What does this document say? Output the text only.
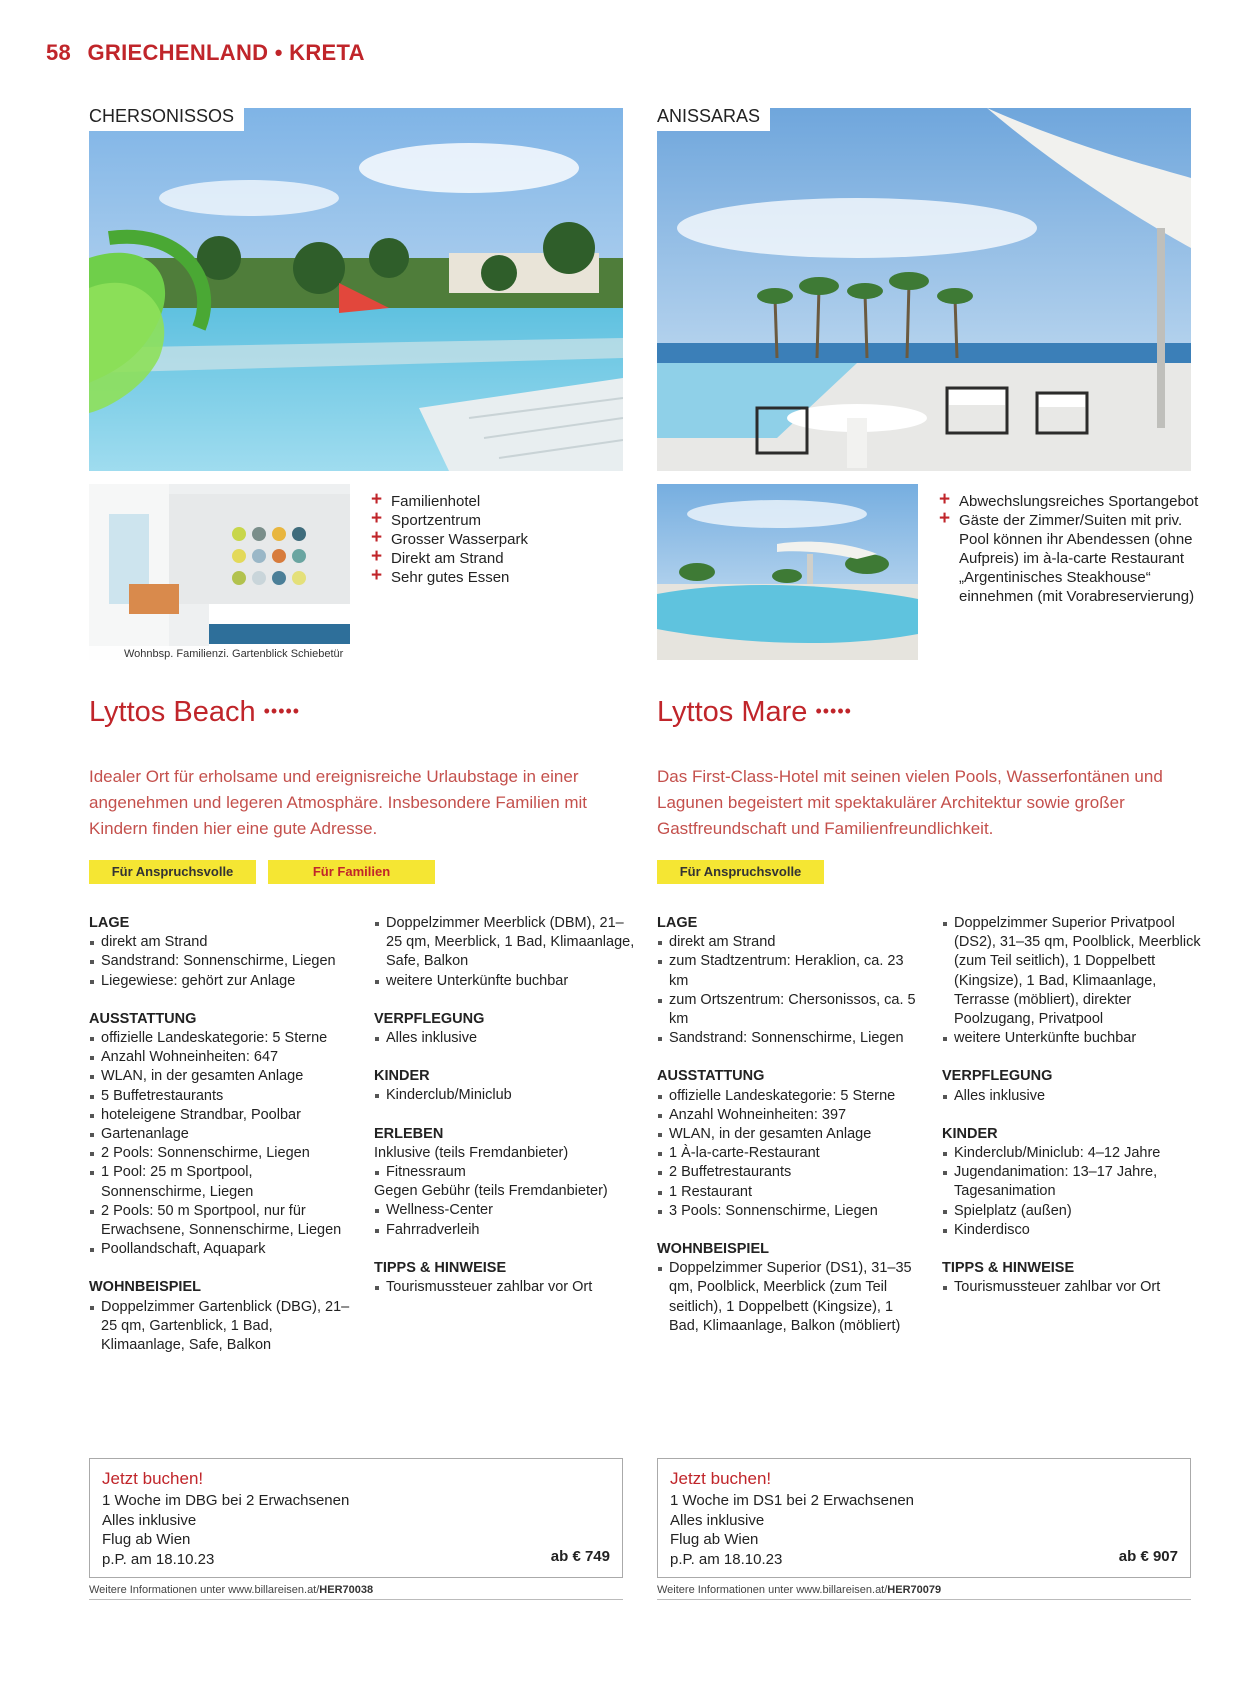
58 GRIECHENLAND • KRETA
CHERSONISSOS
Wohnbsp. Familienzi. Gartenblick Schiebetür
+ Familienhotel
+ Sportzentrum
+ Grosser Wasserpark
+ Direkt am Strand
+ Sehr gutes Essen
Lyttos Beach •••••

Idealer Ort für erholsame und ereignisreiche Urlaubstage in einer angenehmen und legeren Atmosphäre. Insbesondere Familien mit Kindern finden hier eine gute Adresse.

Für Anspruchsvolle	Für Familien
LAGE
direkt am Strand
Sandstrand: Sonnenschirme, Liegen
Liegewiese: gehört zur Anlage
AUSSTATTUNG
offizielle Landeskategorie: 5 Sterne
Anzahl Wohneinheiten: 647
WLAN, in der gesamten Anlage
5 Buffetrestaurants
hoteleigene Strandbar, Poolbar
Gartenanlage
2 Pools: Sonnenschirme, Liegen
1 Pool: 25 m Sportpool, Sonnenschirme, Liegen
2 Pools: 50 m Sportpool, nur für Erwachsene, Sonnenschirme, Liegen
Poollandschaft, Aquapark
WOHNBEISPIEL
Doppelzimmer Gartenblick (DBG), 21–25 qm, Gartenblick, 1 Bad, Klimaanlage, Safe, Balkon
Doppelzimmer Meerblick (DBM), 21–25 qm, Meerblick, 1 Bad, Klimaanlage, Safe, Balkon
weitere Unterkünfte buchbar
VERPFLEGUNG
Alles inklusive
KINDER
Kinderclub/Miniclub
ERLEBEN

Inklusive (teils Fremdanbieter)

Fitnessraum

Gegen Gebühr (teils Fremdanbieter)

Wellness-Center
Fahrradverleih
TIPPS & HINWEISE
Tourismussteuer zahlbar vor Ort
Jetzt buchen!
1 Woche im DBG bei 2 Erwachsenen
Alles inklusive
Flug ab Wien
p.P. am 18.10.23	ab € 749
Weitere Informationen unter www.billareisen.at/HER70038
ANISSARAS
+ Abwechslungsreiches Sportangebot
+ Gäste der Zimmer/Suiten mit priv. Pool können ihr Abendessen (ohne Aufpreis) im à-la-carte Restaurant „Argentinisches Steakhouse“ einnehmen (mit Vorabreservierung)
Lyttos Mare •••••

Das First-Class-Hotel mit seinen vielen Pools, Wasserfontänen und Lagunen begeistert mit spektakulärer Architektur sowie großer Gastfreundschaft und Familienfreundlichkeit.

Für Anspruchsvolle
LAGE
direkt am Strand
zum Stadtzentrum: Heraklion, ca. 23 km
zum Ortszentrum: Chersonissos, ca. 5 km
Sandstrand: Sonnenschirme, Liegen
AUSSTATTUNG
offizielle Landeskategorie: 5 Sterne
Anzahl Wohneinheiten: 397
WLAN, in der gesamten Anlage
1 À-la-carte-Restaurant
2 Buffetrestaurants
1 Restaurant
3 Pools: Sonnenschirme, Liegen
WOHNBEISPIEL
Doppelzimmer Superior (DS1), 31–35 qm, Poolblick, Meerblick (zum Teil seitlich), 1 Doppelbett (Kingsize), 1 Bad, Klimaanlage, Balkon (möbliert)
Doppelzimmer Superior Privatpool (DS2), 31–35 qm, Poolblick, Meerblick (zum Teil seitlich), 1 Doppelbett (Kingsize), 1 Bad, Klimaanlage, Terrasse (möbliert), direkter Poolzugang, Privatpool
weitere Unterkünfte buchbar
VERPFLEGUNG
Alles inklusive
KINDER
Kinderclub/Miniclub: 4–12 Jahre
Jugendanimation: 13–17 Jahre, Tagesanimation
Spielplatz (außen)
Kinderdisco
TIPPS & HINWEISE
Tourismussteuer zahlbar vor Ort
Jetzt buchen!
1 Woche im DS1 bei 2 Erwachsenen
Alles inklusive
Flug ab Wien
p.P. am 18.10.23	ab € 907
Weitere Informationen unter www.billareisen.at/HER70079
